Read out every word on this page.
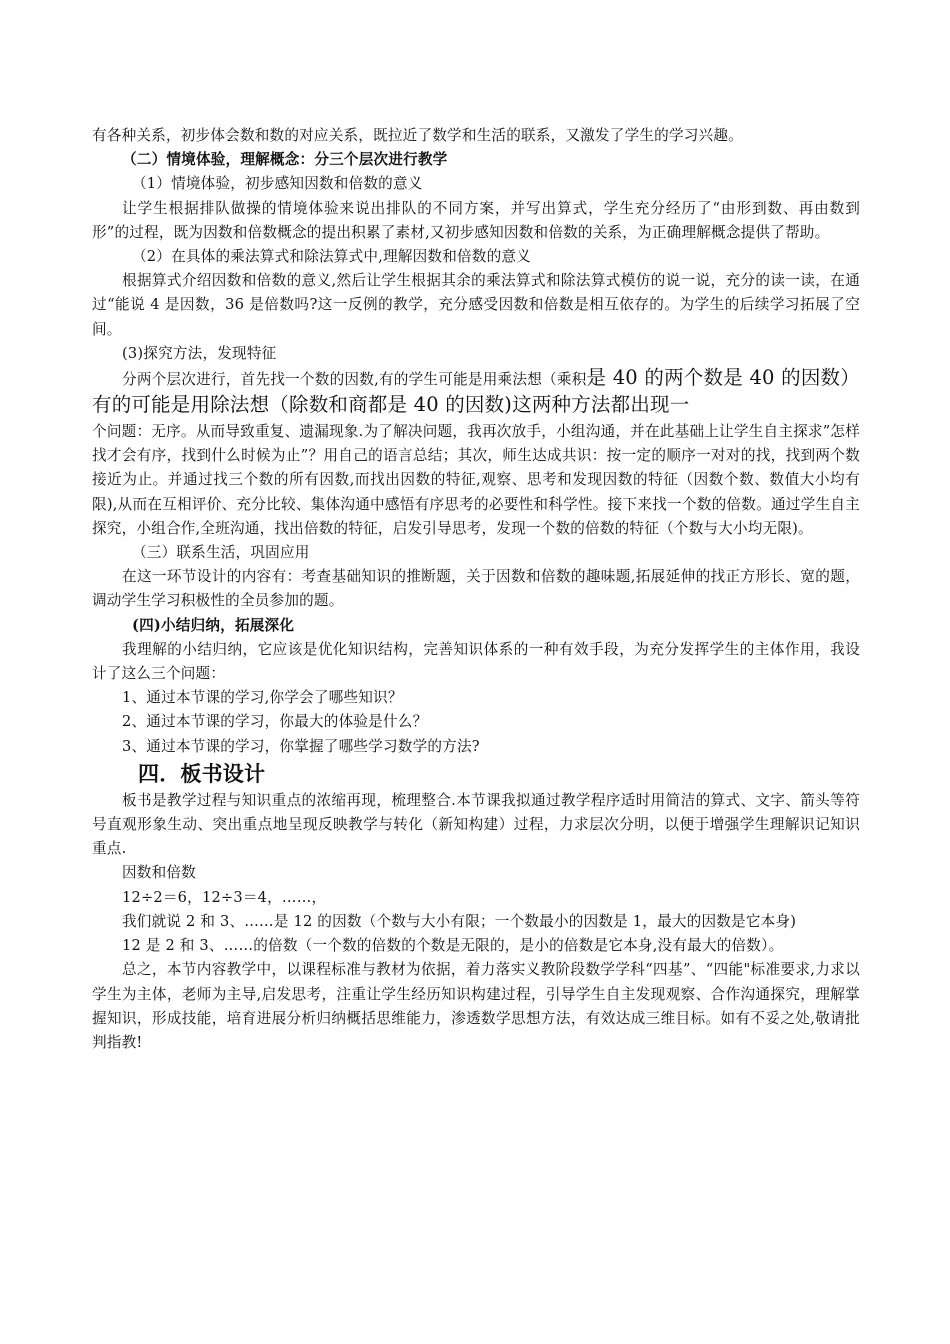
有各种关系，初步体会数和数的对应关系，既拉近了数学和生活的联系，又激发了学生的学习兴趣。

（二）情境体验，理解概念：分三个层次进行教学

（1）情境体验，初步感知因数和倍数的意义

让学生根据排队做操的情境体验来说出排队的不同方案，并写出算式，学生充分经历了“由形到数、再由数到形”的过程，既为因数和倍数概念的提出积累了素材,又初步感知因数和倍数的关系，为正确理解概念提供了帮助。

（2）在具体的乘法算式和除法算式中,理解因数和倍数的意义

根据算式介绍因数和倍数的意义,然后让学生根据其余的乘法算式和除法算式模仿的说一说，充分的读一读，在通过“能说 4 是因数，36 是倍数吗?这一反例的教学，充分感受因数和倍数是相互依存的。为学生的后续学习拓展了空间。

(3)探究方法，发现特征

分两个层次进行，首先找一个数的因数,有的学生可能是用乘法想（乘积是 40 的两个数是 40 的因数）有的可能是用除法想（除数和商都是 40 的因数)这两种方法都出现一

个问题：无序。从而导致重复、遗漏现象.为了解决问题，我再次放手，小组沟通，并在此基础上让学生自主探求”怎样找才会有序，找到什么时候为止”？用自己的语言总结；其次，师生达成共识：按一定的顺序一对对的找，找到两个数接近为止。并通过找三个数的所有因数,而找出因数的特征,观察、思考和发现因数的特征（因数个数、数值大小均有限),从而在互相评价、充分比较、集体沟通中感悟有序思考的必要性和科学性。接下来找一个数的倍数。通过学生自主探究，小组合作,全班沟通，找出倍数的特征，启发引导思考，发现一个数的倍数的特征（个数与大小均无限)。

（三）联系生活，巩固应用

在这一环节设计的内容有：考查基础知识的推断题，关于因数和倍数的趣味题,拓展延伸的找正方形长、宽的题，调动学生学习积极性的全员参加的题。

(四)小结归纳，拓展深化

我理解的小结归纳，它应该是优化知识结构，完善知识体系的一种有效手段，为充分发挥学生的主体作用，我设计了这么三个问题：

1、通过本节课的学习,你学会了哪些知识？

2、通过本节课的学习，你最大的体验是什么？

3、通过本节课的学习，你掌握了哪些学习数学的方法?

四．板书设计

板书是教学过程与知识重点的浓缩再现，梳理整合.本节课我拟通过教学程序适时用简洁的算式、文字、箭头等符号直观形象生动、突出重点地呈现反映教学与转化（新知构建）过程，力求层次分明，以便于增强学生理解识记知识重点.

因数和倍数

12÷2＝6，12÷3＝4，……，

我们就说 2 和 3、……是 12 的因数（个数与大小有限；一个数最小的因数是 1，最大的因数是它本身)

12 是 2 和 3、……的倍数（一个数的倍数的个数是无限的，是小的倍数是它本身,没有最大的倍数）。

总之，本节内容教学中，以课程标准与教材为依据，着力落实义教阶段数学学科“四基”、“四能"标准要求,力求以学生为主体，老师为主导,启发思考，注重让学生经历知识构建过程，引导学生自主发现观察、合作沟通探究，理解掌握知识，形成技能，培育进展分析归纳概括思维能力，渗透数学思想方法，有效达成三维目标。如有不妥之处,敬请批判指教!
